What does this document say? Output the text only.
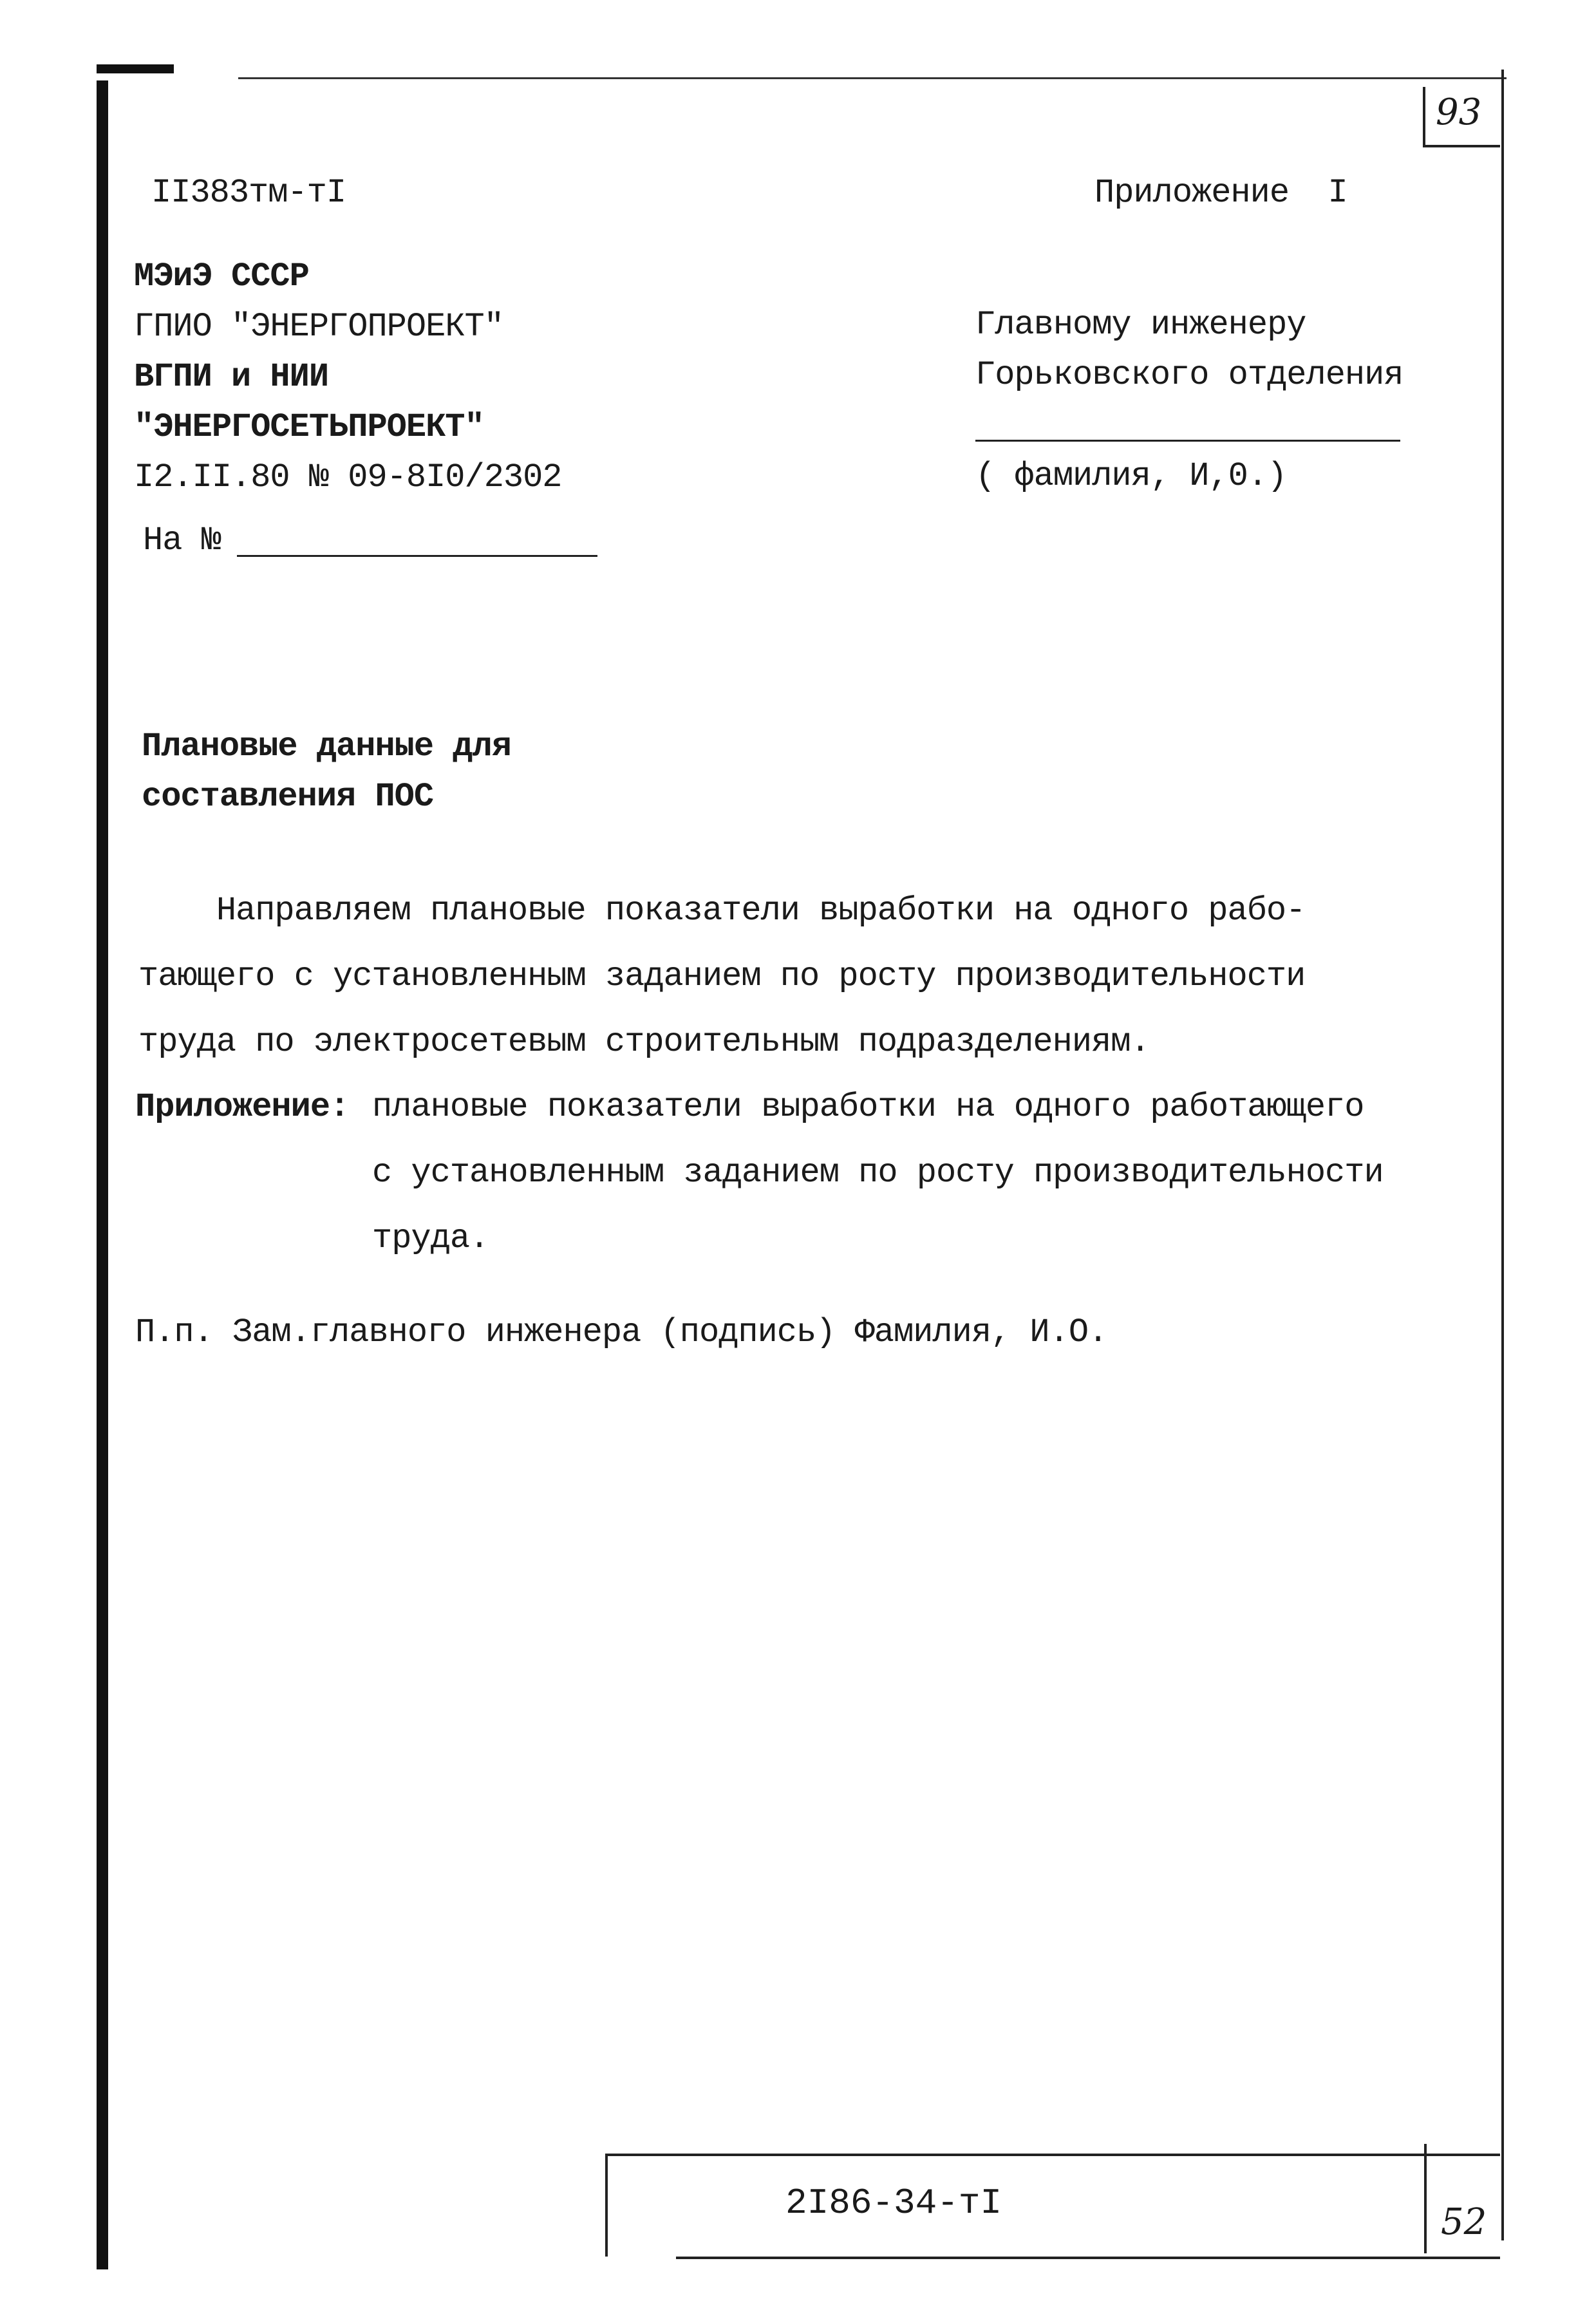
93
II383тм-тI	Приложение  I
МЭиЭ СССР
ГПИО "ЭНЕРГОПРОЕКТ"
ВГПИ и НИИ
"ЭНЕРГОСЕТЬПРОЕКТ"
I2.II.80 № 09-8I0/2302
На №
Главному инженеру
Горьковского отделения
( фамилия, И,0.)
Плановые данные для
составления ПОС
Направляем плановые показатели выработки на одного рабо-
тающего с установленным заданием по росту производительности
труда по электросетевым строительным подразделениям.
Приложение: плановые показатели выработки на одного работающего
с установленным заданием по росту производительности
труда.
П.п. Зам.главного инженера (подпись) Фамилия, И.О.
2I86-34-тI	52
